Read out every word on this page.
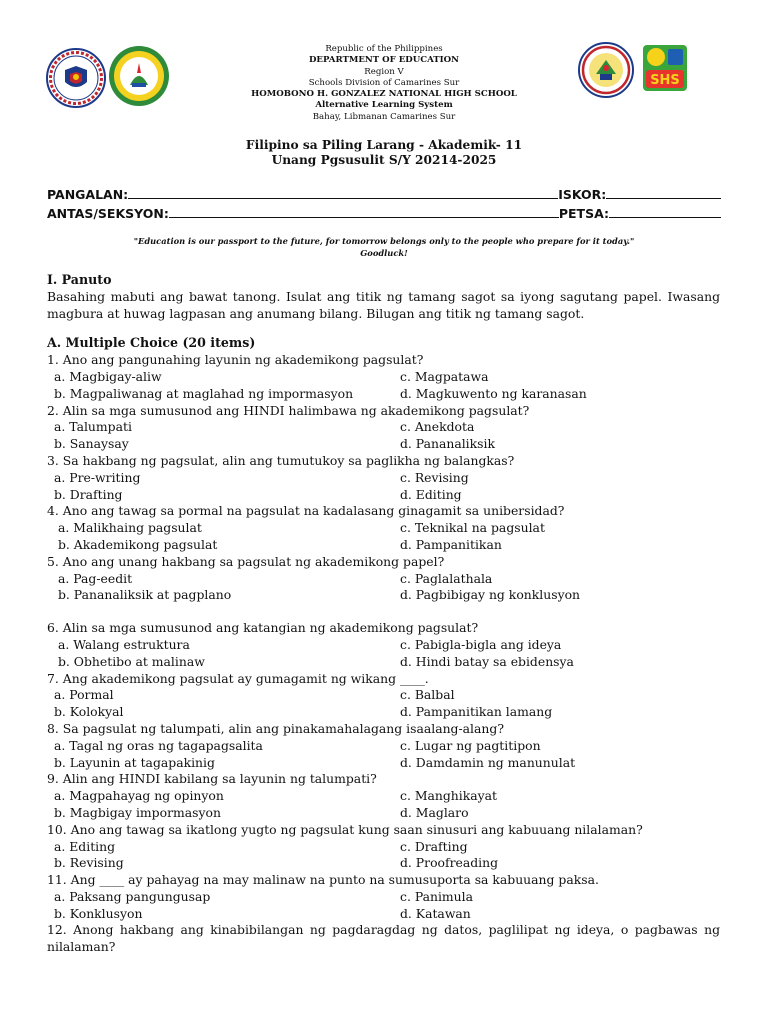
SHS
Republic of the Philippines
DEPARTMENT OF EDUCATION
Region V
Schools Division of Camarines Sur
HOMOBONO H. GONZALEZ NATIONAL HIGH SCHOOL
Alternative Learning System
Bahay, Libmanan Camarines Sur
Filipino sa Piling Larang - Akademik- 11
Unang Pgsusulit S/Y 20214-2025
PANGALAN:	ISKOR:
ANTAS/SEKSYON:	PETSA:
"Education is our passport to the future, for tomorrow belongs only to the people who prepare for it today."
Goodluck!
I. Panuto
Basahing mabuti ang bawat tanong. Isulat ang titik ng tamang sagot sa iyong sagutang papel. Iwasang magbura at huwag lagpasan ang anumang bilang. Bilugan ang titik ng tamang sagot.
A. Multiple Choice (20 items)
1. Ano ang pangunahing layunin ng akademikong pagsulat?
a. Magbigay-aliw	c. Magpatawa
b. Magpaliwanag at maglahad ng impormasyon	d. Magkuwento ng karanasan
2. Alin sa mga sumusunod ang HINDI halimbawa ng akademikong pagsulat?
a. Talumpati	c. Anekdota
b. Sanaysay	d. Pananaliksik
3. Sa hakbang ng pagsulat, alin ang tumutukoy sa paglikha ng balangkas?
a. Pre-writing	c. Revising
b. Drafting	d. Editing
4. Ano ang tawag sa pormal na pagsulat na kadalasang ginagamit sa unibersidad?
a. Malikhaing pagsulat	c. Teknikal na pagsulat
b. Akademikong pagsulat	d. Pampanitikan
5. Ano ang unang hakbang sa pagsulat ng akademikong papel?
a. Pag-eedit	c. Paglalathala
b. Pananaliksik at pagplano	d. Pagbibigay ng konklusyon
6. Alin sa mga sumusunod ang katangian ng akademikong pagsulat?
a. Walang estruktura	c. Pabigla-bigla ang ideya
b. Obhetibo at malinaw	d. Hindi batay sa ebidensya
7. Ang akademikong pagsulat ay gumagamit ng wikang ____.
a. Pormal	c. Balbal
b. Kolokyal	d. Pampanitikan lamang
8. Sa pagsulat ng talumpati, alin ang pinakamahalagang isaalang-alang?
a. Tagal ng oras ng tagapagsalita	c. Lugar ng pagtitipon
b. Layunin at tagapakinig	d. Damdamin ng manunulat
9. Alin ang HINDI kabilang sa layunin ng talumpati?
a. Magpahayag ng opinyon	c. Manghikayat
b. Magbigay impormasyon	d. Maglaro
10. Ano ang tawag sa ikatlong yugto ng pagsulat kung saan sinusuri ang kabuuang nilalaman?
a. Editing	c. Drafting
b. Revising	d. Proofreading
11. Ang ____ ay pahayag na may malinaw na punto na sumusuporta sa kabuuang paksa.
a. Paksang pangungusap	c. Panimula
b. Konklusyon	d. Katawan
12. Anong hakbang ang kinabibilangan ng pagdaragdag ng datos, paglilipat ng ideya, o pagbawas ng nilalaman?
